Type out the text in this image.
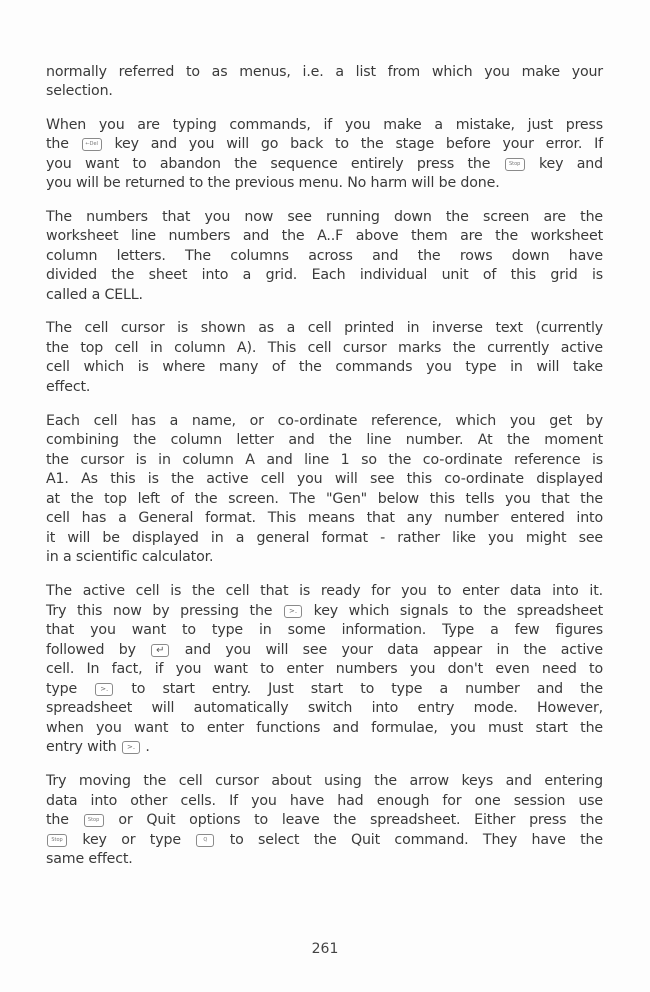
normally referred to as menus, i.e. a list from which you make your
selection.
When you are typing commands, if you make a mistake, just press
the	←Del key and you will go back to the stage before your error. If
you want to abandon the sequence entirely press the	Stop key and
you will be returned to the previous menu. No harm will be done.
The numbers that you now see running down the screen are the
worksheet line numbers and the A..F above them are the worksheet
column letters. The columns across and the rows down have
divided the sheet into a grid. Each individual unit of this grid is
called a CELL.
The cell cursor is shown as a cell printed in inverse text (currently
the top cell in column A). This cell cursor marks the currently active
cell which is where many of the commands you type in will take
effect.
Each cell has a name, or co-ordinate reference, which you get by
combining the column letter and the line number. At the moment
the cursor is in column A and line 1 so the co-ordinate reference is
A1. As this is the active cell you will see this co-ordinate displayed
at the top left of the screen. The "Gen" below this tells you that the
cell has a General format. This means that any number entered into
it will be displayed in a general format - rather like you might see
in a scientific calculator.
The active cell is the cell that is ready for you to enter data into it.
Try this now by pressing the	>. key which signals to the spreadsheet
that you want to type in some information. Type a few figures
followed by	↵ and you will see your data appear in the active
cell. In fact, if you want to enter numbers you don't even need to
type	>. to start entry. Just start to type a number and the
spreadsheet will automatically switch into entry mode. However,
when you want to enter functions and formulae, you must start the
entry with	>. .
Try moving the cell cursor about using the arrow keys and entering
data into other cells. If you have had enough for one session use
the	Stop or Quit options to leave the spreadsheet. Either press the
Stop key or type	Q	to select the Quit command. They have the
same effect.
261
